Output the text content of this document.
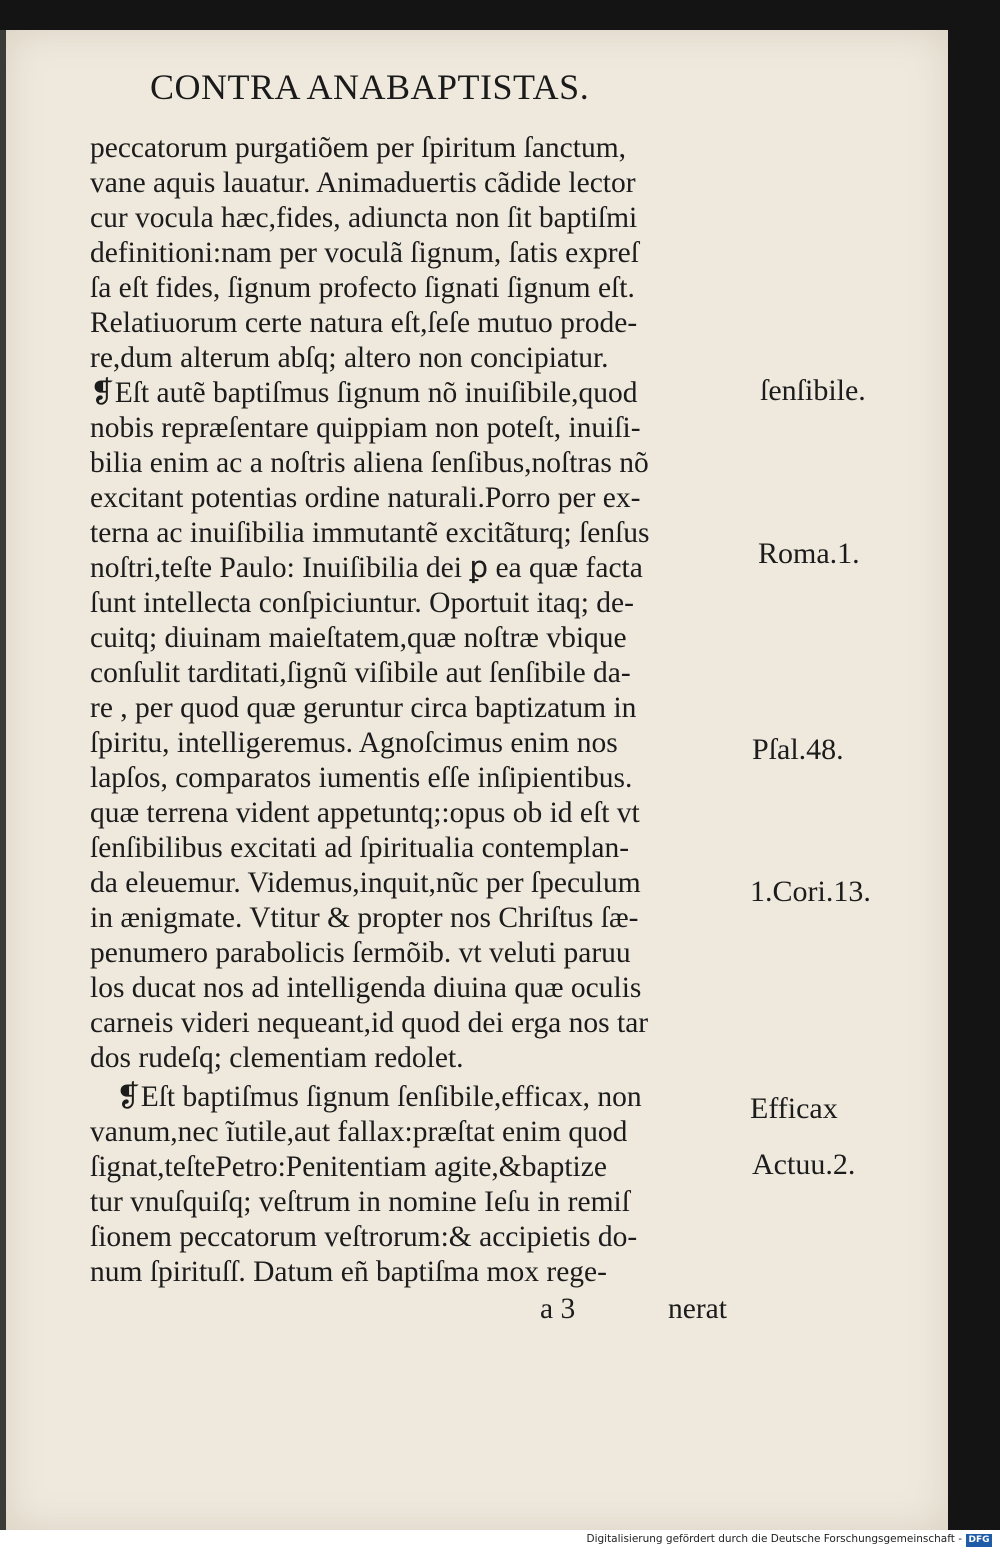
CONTRA ANABAPTISTAS.
peccatorum purgatiõem per ſpiritum ſanctum,
vane aquis lauatur. Animaduertis cãdide lector
cur vocula hæc,fides, adiuncta non ſit baptiſmi
definitioni:nam per voculã ſignum, ſatis expreſ
ſa eſt fides, ſignum profecto ſignati ſignum eſt.
Relatiuorum certe natura eſt,ſeſe mutuo prode-
re,dum alterum abſq; altero non concipiatur.
❡Eſt autẽ baptiſmus ſignum nõ inuiſibile,quod
nobis repræſentare quippiam non poteſt, inuiſi-
bilia enim ac a noſtris aliena ſenſibus,noſtras nõ
excitant potentias ordine naturali.Porro per ex-
terna ac inuiſibilia immutantẽ excitãturq; ſenſus
noſtri,teſte Paulo: Inuiſibilia dei ꝑ ea quæ facta
ſunt intellecta conſpiciuntur. Oportuit itaq; de-
cuitq; diuinam maieſtatem,quæ noſtræ vbique
conſulit tarditati,ſignũ viſibile aut ſenſibile da-
re , per quod quæ geruntur circa baptizatum in
ſpiritu, intelligeremus. Agnoſcimus enim nos
lapſos, comparatos iumentis eſſe inſipientibus.
quæ terrena vident appetuntq;:opus ob id eſt vt
ſenſibilibus excitati ad ſpiritualia contemplan-
da eleuemur. Videmus,inquit,nũc per ſpeculum
in ænigmate. Vtitur & propter nos Chriſtus ſæ-
penumero parabolicis ſermõib. vt veluti paruu
los ducat nos ad intelligenda diuina quæ oculis
carneis videri nequeant,id quod dei erga nos tar
dos rudeſq; clementiam redolet.
❡Eſt baptiſmus ſignum ſenſibile,efficax, non
vanum,nec ĩutile,aut fallax:præſtat enim quod
ſignat,teſtePetro:Penitentiam agite,&baptize
tur vnuſquiſq; veſtrum in nomine Ieſu in remiſ
ſionem peccatorum veſtrorum:& accipietis do-
num ſpirituſſ. Datum eñ baptiſma mox rege-
a 3	nerat
ſenſibile.
Roma.1.
Pſal.48.
1.Cori.13.
Efficax
Actuu.2.
Digitalisierung gefördert durch die Deutsche Forschungsgemeinschaft - DFG
